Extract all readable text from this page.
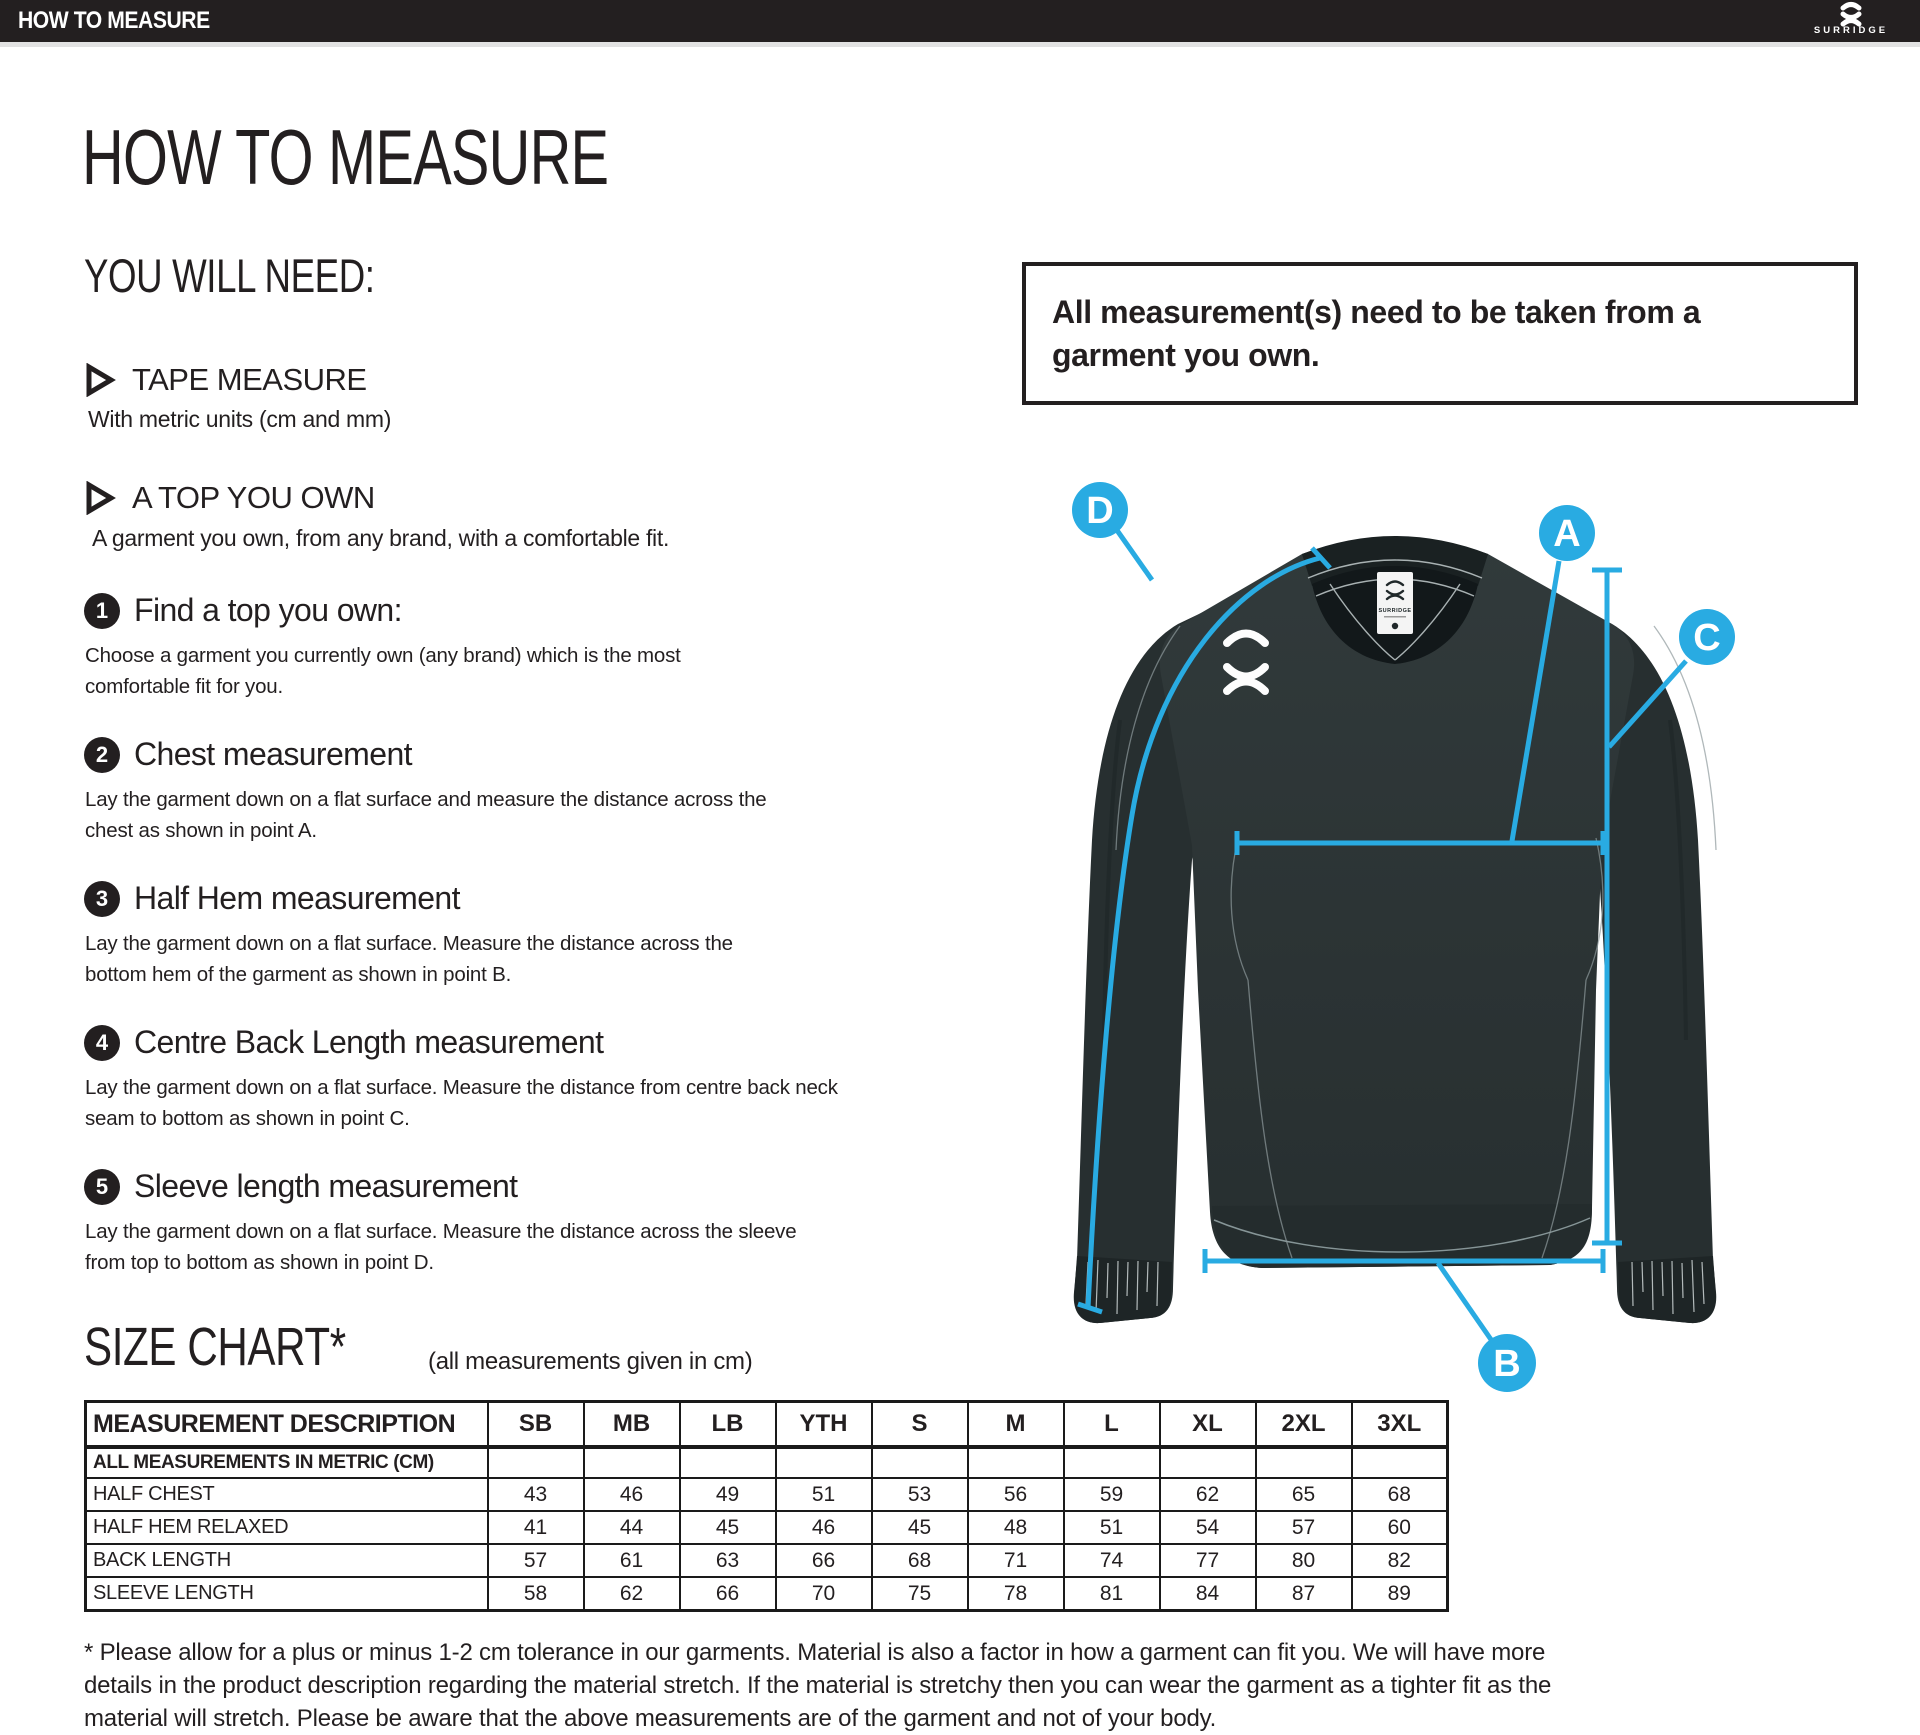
HOW TO MEASURE	SURRIDGE
HOW TO MEASURE
YOU WILL NEED:
TAPE MEASURE
With metric units (cm and mm)
A TOP YOU OWN
A garment you own, from any brand, with a comfortable fit.
1 Find a top you own:
Choose a garment you currently own (any brand) which is the most comfortable fit for you.
2 Chest measurement
Lay the garment down on a flat surface and measure the distance across the chest as shown in point A.
3 Half Hem measurement
Lay the garment down on a flat surface. Measure the distance across the bottom hem of the garment as shown in point B.
4 Centre Back Length measurement
Lay the garment down on a flat surface. Measure the distance from centre back neck seam to bottom as shown in point C.
5 Sleeve length measurement
Lay the garment down on a flat surface. Measure the distance across the sleeve from top to bottom as shown in point D.
All measurement(s) need to be taken from a garment you own.
SURRIDGE
A
B
C
D
SIZE CHART*	(all measurements given in cm)
MEASUREMENT DESCRIPTION	SB	MB	LB	YTH	S	M	L	XL	2XL	3XL
ALL MEASUREMENTS IN METRIC (CM)										
HALF CHEST	43	46	49	51	53	56	59	62	65	68
HALF HEM RELAXED	41	44	45	46	45	48	51	54	57	60
BACK LENGTH	57	61	63	66	68	71	74	77	80	82
SLEEVE LENGTH	58	62	66	70	75	78	81	84	87	89
* Please allow for a plus or minus 1-2 cm tolerance in our garments. Material is also a factor in how a garment can fit you. We will have more details in the product description regarding the material stretch. If the material is stretchy then you can wear the garment as a tighter fit as the material will stretch. Please be aware that the above measurements are of the garment and not of your body.
